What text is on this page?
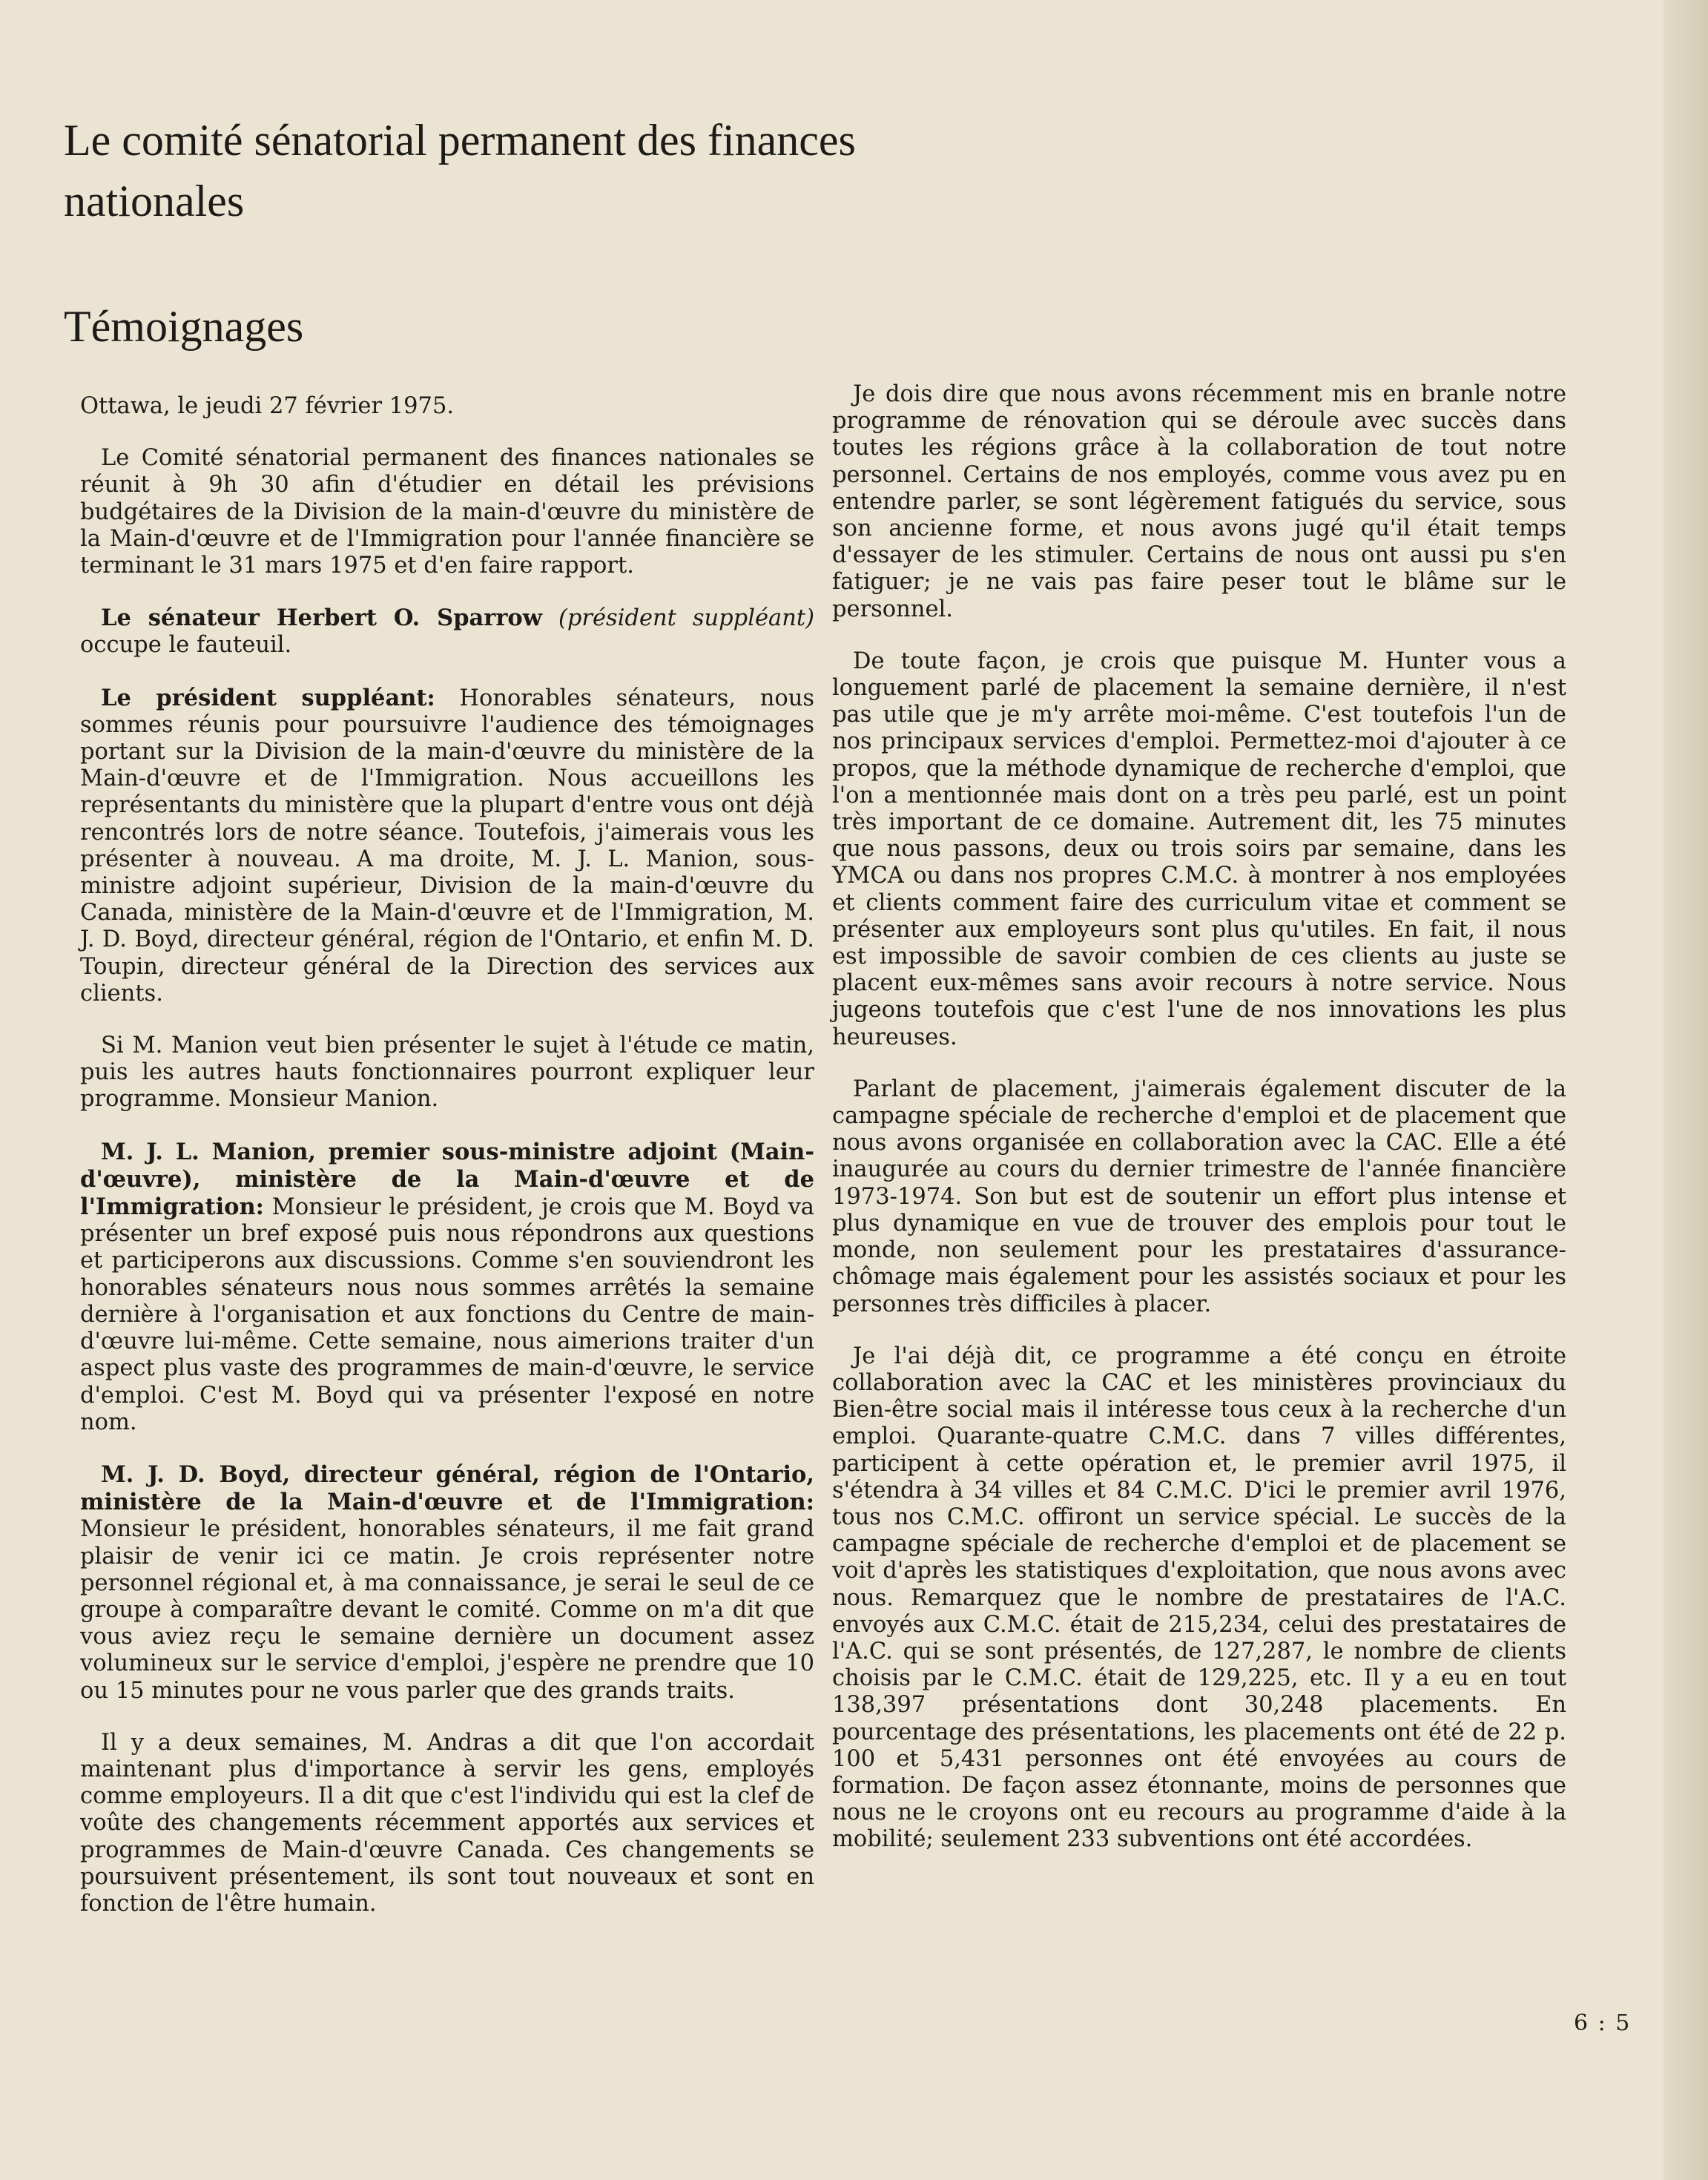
Le comité sénatorial permanent des finances nationales
Témoignages

Ottawa, le jeudi 27 février 1975.

Le Comité sénatorial permanent des finances nationales se réunit à 9h 30 afin d'étudier en détail les prévisions budgétaires de la Division de la main-d'œuvre du ministère de la Main-d'œuvre et de l'Immigration pour l'année financière se terminant le 31 mars 1975 et d'en faire rapport.

Le sénateur Herbert O. Sparrow (président suppléant) occupe le fauteuil.

Le président suppléant: Honorables sénateurs, nous sommes réunis pour poursuivre l'audience des témoignages portant sur la Division de la main-d'œuvre du ministère de la Main-d'œuvre et de l'Immigration. Nous accueillons les représentants du ministère que la plupart d'entre vous ont déjà rencontrés lors de notre séance. Toutefois, j'aimerais vous les présenter à nouveau. A ma droite, M. J. L. Manion, sous-ministre adjoint supérieur, Division de la main-d'œuvre du Canada, ministère de la Main-d'œuvre et de l'Immigration, M. J. D. Boyd, directeur général, région de l'Ontario, et enfin M. D. Toupin, directeur général de la Direction des services aux clients.

Si M. Manion veut bien présenter le sujet à l'étude ce matin, puis les autres hauts fonctionnaires pourront expliquer leur programme. Monsieur Manion.

M. J. L. Manion, premier sous-ministre adjoint (Main-d'œuvre), ministère de la Main-d'œuvre et de l'Immigration: Monsieur le président, je crois que M. Boyd va présenter un bref exposé puis nous répondrons aux questions et participerons aux discussions. Comme s'en souviendront les honorables sénateurs nous nous sommes arrêtés la semaine dernière à l'organisation et aux fonctions du Centre de main-d'œuvre lui-même. Cette semaine, nous aimerions traiter d'un aspect plus vaste des programmes de main-d'œuvre, le service d'emploi. C'est M. Boyd qui va présenter l'exposé en notre nom.

M. J. D. Boyd, directeur général, région de l'Ontario, ministère de la Main-d'œuvre et de l'Immigration: Monsieur le président, honorables sénateurs, il me fait grand plaisir de venir ici ce matin. Je crois représenter notre personnel régional et, à ma connaissance, je serai le seul de ce groupe à comparaître devant le comité. Comme on m'a dit que vous aviez reçu le semaine dernière un document assez volumineux sur le service d'emploi, j'espère ne prendre que 10 ou 15 minutes pour ne vous parler que des grands traits.

Il y a deux semaines, M. Andras a dit que l'on accordait maintenant plus d'importance à servir les gens, employés comme employeurs. Il a dit que c'est l'individu qui est la clef de voûte des changements récemment apportés aux services et programmes de Main-d'œuvre Canada. Ces changements se poursuivent présentement, ils sont tout nouveaux et sont en fonction de l'être humain.

Je dois dire que nous avons récemment mis en branle notre programme de rénovation qui se déroule avec succès dans toutes les régions grâce à la collaboration de tout notre personnel. Certains de nos employés, comme vous avez pu en entendre parler, se sont légèrement fatigués du service, sous son ancienne forme, et nous avons jugé qu'il était temps d'essayer de les stimuler. Certains de nous ont aussi pu s'en fatiguer; je ne vais pas faire peser tout le blâme sur le personnel.

De toute façon, je crois que puisque M. Hunter vous a longuement parlé de placement la semaine dernière, il n'est pas utile que je m'y arrête moi-même. C'est toutefois l'un de nos principaux services d'emploi. Permettez-moi d'ajouter à ce propos, que la méthode dynamique de recherche d'emploi, que l'on a mentionnée mais dont on a très peu parlé, est un point très important de ce domaine. Autrement dit, les 75 minutes que nous passons, deux ou trois soirs par semaine, dans les YMCA ou dans nos propres C.M.C. à montrer à nos employées et clients comment faire des curriculum vitae et comment se présenter aux employeurs sont plus qu'utiles. En fait, il nous est impossible de savoir combien de ces clients au juste se placent eux-mêmes sans avoir recours à notre service. Nous jugeons toutefois que c'est l'une de nos innovations les plus heureuses.

Parlant de placement, j'aimerais également discuter de la campagne spéciale de recherche d'emploi et de placement que nous avons organisée en collaboration avec la CAC. Elle a été inaugurée au cours du dernier trimestre de l'année financière 1973-1974. Son but est de soutenir un effort plus intense et plus dynamique en vue de trouver des emplois pour tout le monde, non seulement pour les prestataires d'assurance-chômage mais également pour les assistés sociaux et pour les personnes très difficiles à placer.

Je l'ai déjà dit, ce programme a été conçu en étroite collaboration avec la CAC et les ministères provinciaux du Bien-être social mais il intéresse tous ceux à la recherche d'un emploi. Quarante-quatre C.M.C. dans 7 villes différentes, participent à cette opération et, le premier avril 1975, il s'étendra à 34 villes et 84 C.M.C. D'ici le premier avril 1976, tous nos C.M.C. offiront un service spécial. Le succès de la campagne spéciale de recherche d'emploi et de placement se voit d'après les statistiques d'exploitation, que nous avons avec nous. Remarquez que le nombre de prestataires de l'A.C. envoyés aux C.M.C. était de 215,234, celui des prestataires de l'A.C. qui se sont présentés, de 127,287, le nombre de clients choisis par le C.M.C. était de 129,225, etc. Il y a eu en tout 138,397 présentations dont 30,248 placements. En pourcentage des présentations, les placements ont été de 22 p. 100 et 5,431 personnes ont été envoyées au cours de formation. De façon assez étonnante, moins de personnes que nous ne le croyons ont eu recours au programme d'aide à la mobilité; seulement 233 subventions ont été accordées.

6 : 5
